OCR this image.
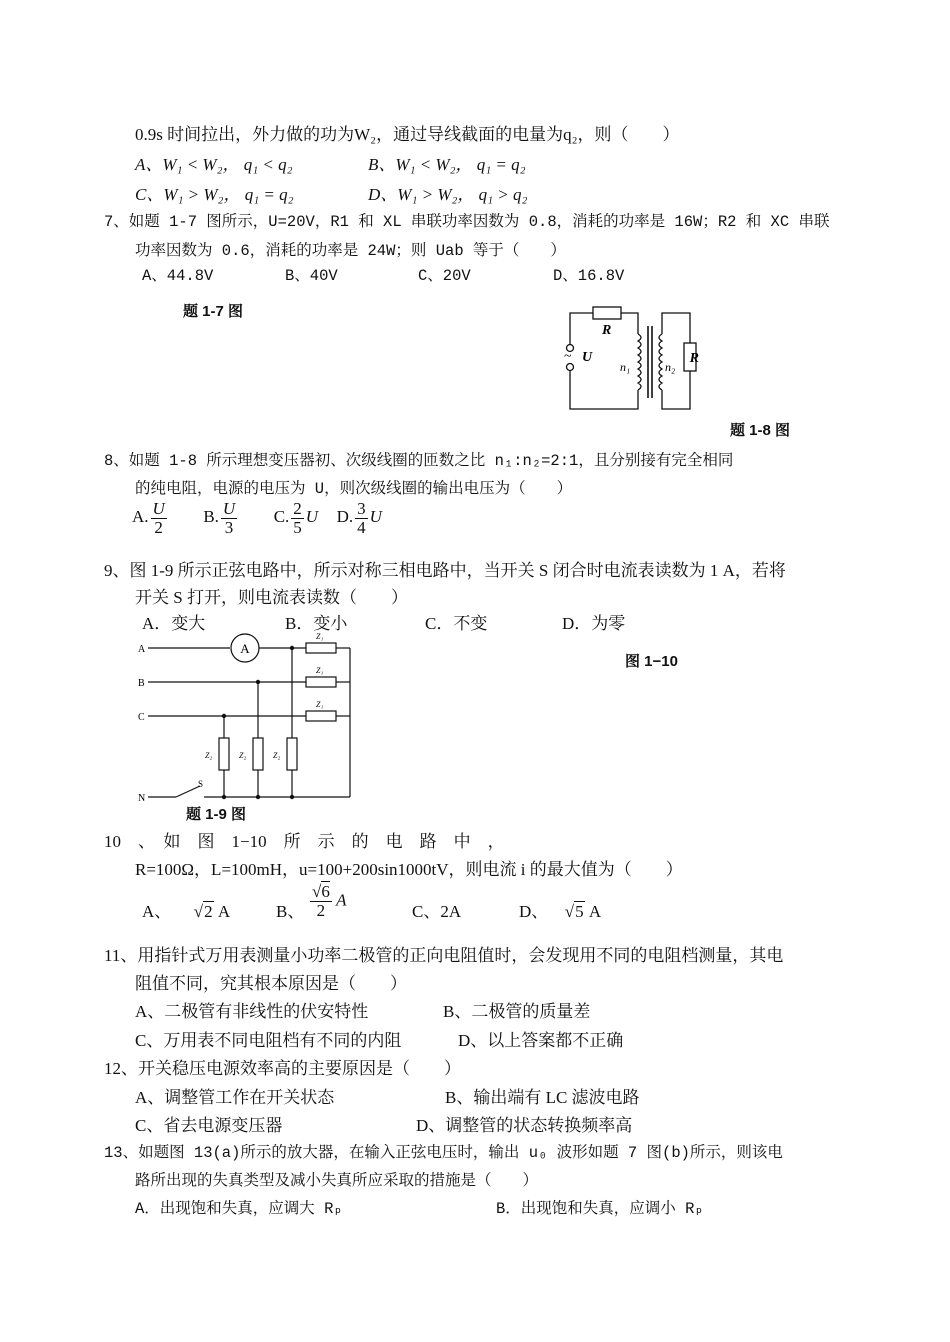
0.9s 时间拉出，外力做的功为W₂，通过导线截面的电量为q₂，则（　　）
A、W₁ < W₂， q₁ < q₂	B、W₁ < W₂， q₁ = q₂
C、W₁ > W₂， q₁ = q₂	D、W₁ > W₂， q₁ > q₂
7、如题 1-7 图所示，U=20V，R1 和 XL 串联功率因数为 0.8，消耗的功率是 16W；R2 和 XC 串联
功率因数为 0.6，消耗的功率是 24W；则 Uab 等于（　　）
A、44.8V	B、40V	C、20V	D、16.8V
题 1-7 图
R
~ U
n₁	n₂
R
题 1-8 图
8、如题 1-8 所示理想变压器初、次级线圈的匝数之比 n₁:n₂=2:1，且分别接有完全相同
的纯电阻，电源的电压为 U，则次级线圈的输出电压为（　　）
A. $\frac{U}{2} B$. $\frac{U}{3} C$. $\frac{2}{5}$ U D. $\frac{3}{4}$ U
9、图 1-9 所示正弦电路中，所示对称三相电路中，当开关 S 闭合时电流表读数为 1 A，若将
开关 S 打开，则电流表读数（　　）
A．变大	B．变小	C．不变	D．为零
A
B
C
N
A
Z₁
Z₁
Z₁
Z₂	Z₂	Z₂
S
题 1-9 图
图 1−10
10　、　如　图　1−10　所　示　的　电　路　中　，
R=100Ω，L=100mH，u=100+200sin1000tV，则电流 i 的最大值为（　　）
A、 √2 A	B、 $\frac{√6}{2}$ A
C、2A	D、 √5 A
11、用指针式万用表测量小功率二极管的正向电阻值时，会发现用不同的电阻档测量，其电
阻值不同，究其根本原因是（　　）
A、二极管有非线性的伏安特性	B、二极管的质量差
C、万用表不同电阻档有不同的内阻	D、以上答案都不正确
12、开关稳压电源效率高的主要原因是（　　）
A、调整管工作在开关状态	B、输出端有 LC 滤波电路
C、省去电源变压器	D、调整管的状态转换频率高
13、如题图 13(a)所示的放大器，在输入正弦电压时，输出 u₀ 波形如题 7 图(b)所示，则该电
路所出现的失真类型及减小失真所应采取的措施是（　　）
A．出现饱和失真，应调大 Rₚ	B．出现饱和失真，应调小 Rₚ
